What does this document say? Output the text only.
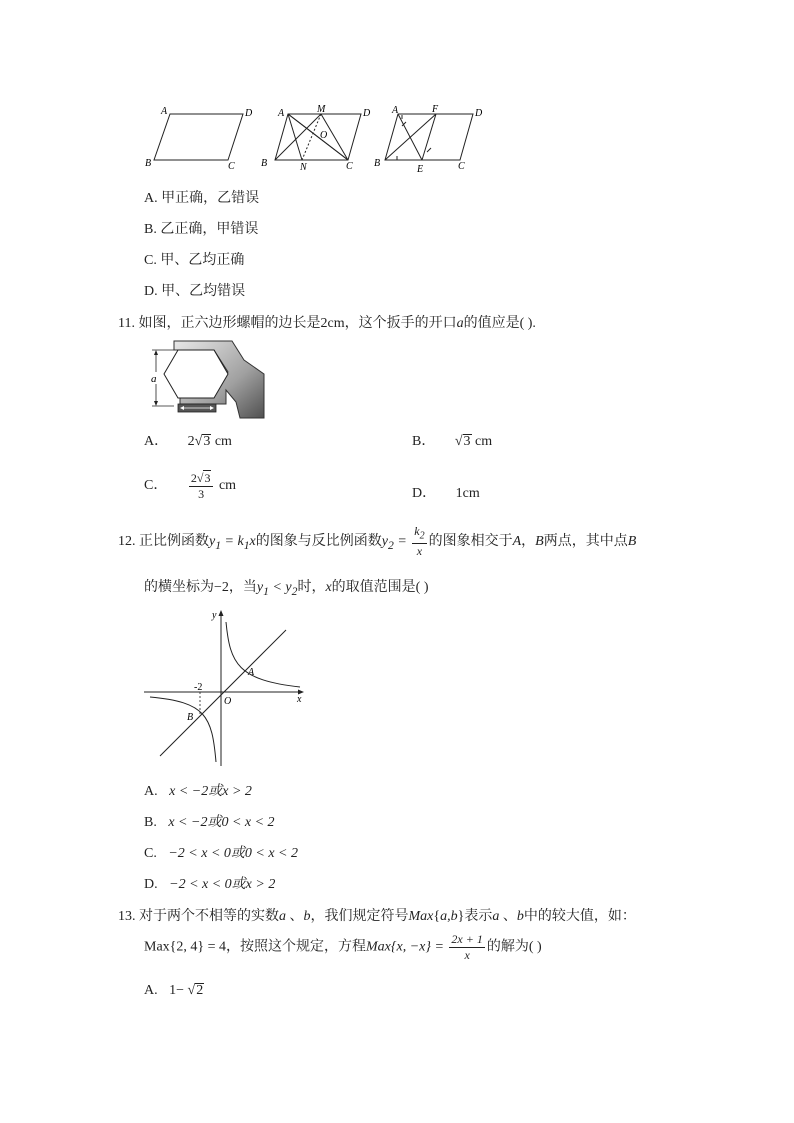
A	D
B	C
A	M	D
O
B	N	C
A	F	D
B
E	C
A. 甲正确，乙错误
B. 乙正确，甲错误
C. 甲、乙均正确
D. 甲、乙均错误
11. 如图，正六边形螺帽的边长是2cm，这个扳手的开口a的值应是( ).
a
A． 2√3 cm	B． √3 cm
C． $\frac{2√3}{3}$ cm
D． 1cm
12. 正比例函数$y_1 = k_1x$的图象与反比例函数$y_2 = \frac{k_2}{x}$ 的图象相交于A，B两点，其中点B
的横坐标为−2，当$y_1 < y_2$时，x的取值范围是( )
y
x
O
A
B
-2
A. x < −2或x > 2
B. x < −2或0 < x < 2
C. −2 < x < 0或0 < x < 2
D. −2 < x < 0或x > 2
13. 对于两个不相等的实数a 、b，我们规定符号Max{a,b}表示a 、b中的较大值，如：
Max{2, 4} = 4，按照这个规定，方程Max{x, $-x\} = \frac{2x + 1}{x}$ 的解为( )
A. 1− √2
